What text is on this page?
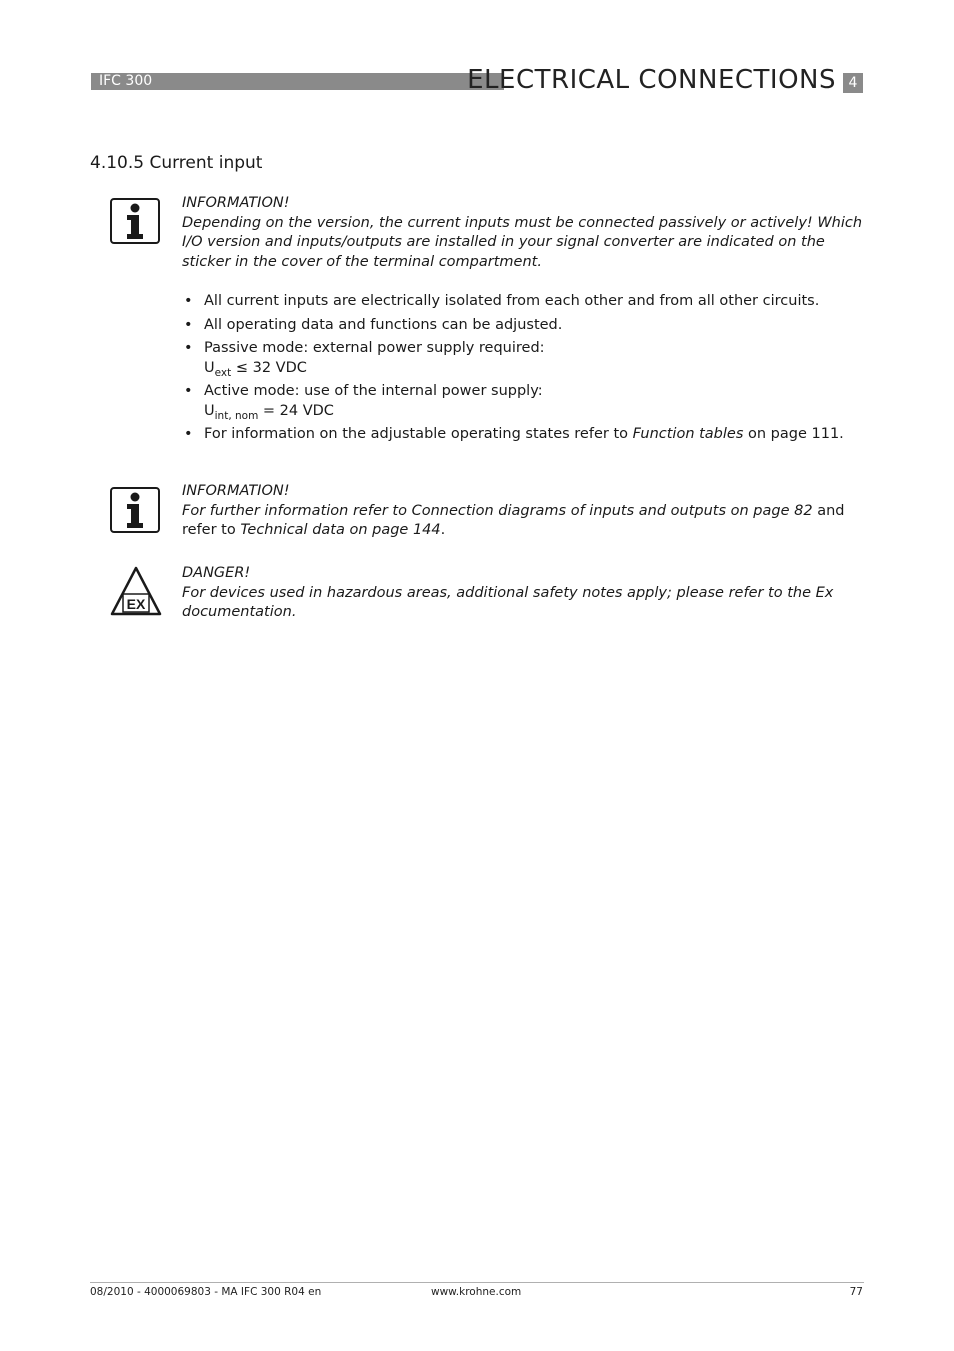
IFC 300	ELECTRICAL CONNECTIONS 4
4.10.5 Current input
INFORMATION!
Depending on the version, the current inputs must be connected passively or actively! Which I/O version and inputs/outputs are installed in your signal converter are indicated on the sticker in the cover of the terminal compartment.
• All current inputs are electrically isolated from each other and from all other circuits.
• All operating data and functions can be adjusted.
• Passive mode: external power supply required:
$U_{ext} \le 32$ VDC
• Active mode: use of the internal power supply:
$U_{int, nom} = 24$ VDC
• For information on the adjustable operating states refer to Function tables on page 111.
INFORMATION!
For further information refer to Connection diagrams of inputs and outputs on page 82 and refer to Technical data on page 144.
EX
DANGER!
For devices used in hazardous areas, additional safety notes apply; please refer to the Ex documentation.
08/2010 - 4000069803 - MA IFC 300 R04 en	www.krohne.com	77
